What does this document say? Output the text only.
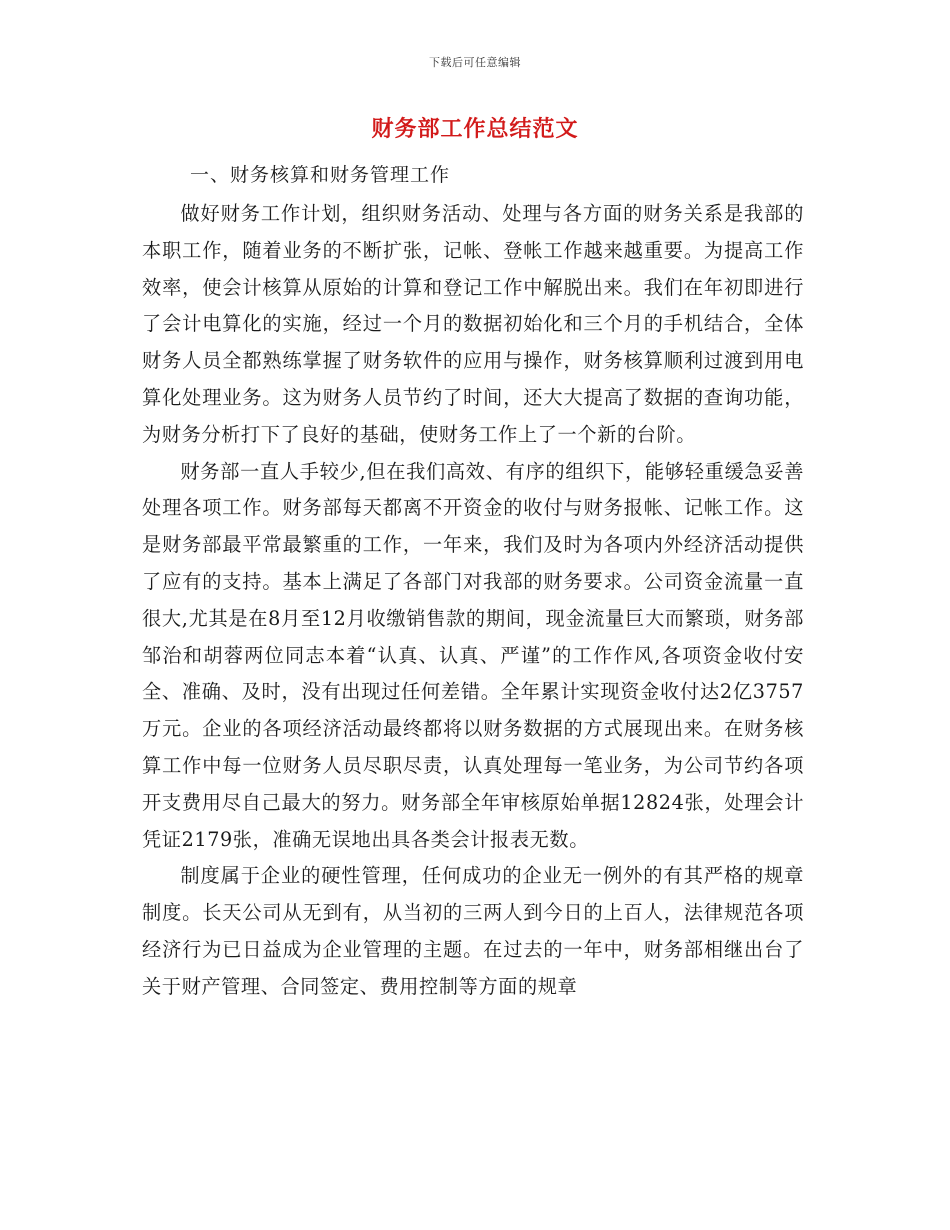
下载后可任意编辑
财务部工作总结范文
一、财务核算和财务管理工作

做好财务工作计划，组织财务活动、处理与各方面的财务关系是我部的本职工作，随着业务的不断扩张，记帐、登帐工作越来越重要。为提高工作效率，使会计核算从原始的计算和登记工作中解脱出来。我们在年初即进行了会计电算化的实施，经过一个月的数据初始化和三个月的手机结合，全体财务人员全都熟练掌握了财务软件的应用与操作，财务核算顺利过渡到用电算化处理业务。这为财务人员节约了时间，还大大提高了数据的查询功能，为财务分析打下了良好的基础，使财务工作上了一个新的台阶。

财务部一直人手较少,但在我们高效、有序的组织下，能够轻重缓急妥善处理各项工作。财务部每天都离不开资金的收付与财务报帐、记帐工作。这是财务部最平常最繁重的工作，一年来，我们及时为各项内外经济活动提供了应有的支持。基本上满足了各部门对我部的财务要求。公司资金流量一直很大,尤其是在8月至12月收缴销售款的期间，现金流量巨大而繁琐，财务部邹治和胡蓉两位同志本着“认真、认真、严谨”的工作作风,各项资金收付安全、准确、及时，没有出现过任何差错。全年累计实现资金收付达2亿3757万元。企业的各项经济活动最终都将以财务数据的方式展现出来。在财务核算工作中每一位财务人员尽职尽责，认真处理每一笔业务，为公司节约各项开支费用尽自己最大的努力。财务部全年审核原始单据12824张，处理会计凭证2179张，准确无误地出具各类会计报表无数。

制度属于企业的硬性管理，任何成功的企业无一例外的有其严格的规章制度。长天公司从无到有，从当初的三两人到今日的上百人，法律规范各项经济行为已日益成为企业管理的主题。在过去的一年中，财务部相继出台了关于财产管理、合同签定、费用控制等方面的规章
